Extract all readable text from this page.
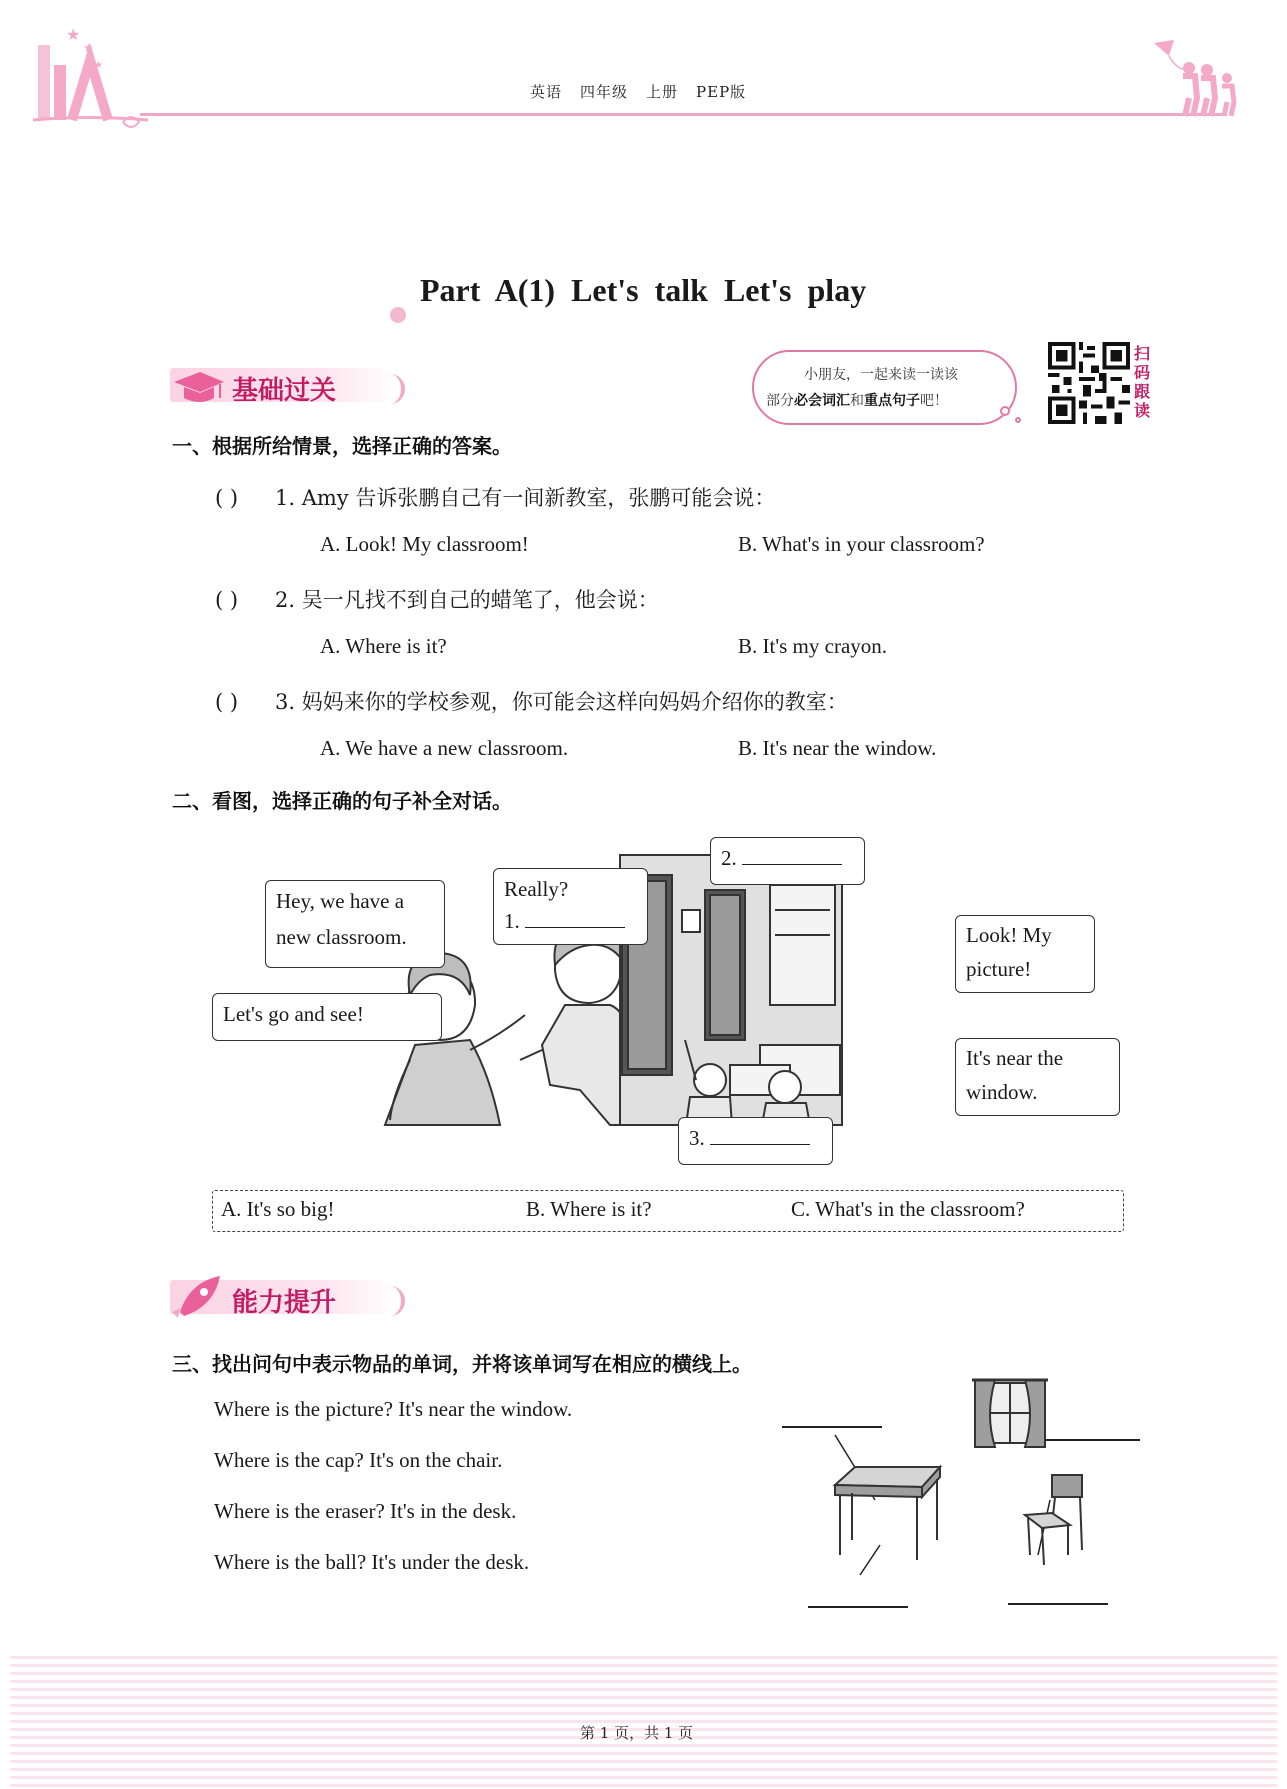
★
★
★
英语 四年级 上册 PEP版
Part A(1) Let's talk Let's play
基础过关
小朋友，一起来读一读该
部分必会词汇和重点句子吧！
扫码跟读
一、根据所给情景，选择正确的答案。
( ) 1. Amy 告诉张鹏自己有一间新教室，张鹏可能会说：
A. Look! My classroom!	B. What's in your classroom?
( ) 2. 吴一凡找不到自己的蜡笔了，他会说：
A. Where is it?	B. It's my crayon.
( ) 3. 妈妈来你的学校参观，你可能会这样向妈妈介绍你的教室：
A. We have a new classroom.	B. It's near the window.
二、看图，选择正确的句子补全对话。
Hey, we have a new classroom.
Really?
1.
Let's go and see!
2.
Look! My picture!
It's near the window.
3.
A. It's so big!	B. Where is it?	C. What's in the classroom?
能力提升
三、找出问句中表示物品的单词，并将该单词写在相应的横线上。
Where is the picture? It's near the window.
Where is the cap? It's on the chair.
Where is the eraser? It's in the desk.
Where is the ball? It's under the desk.
第 1 页，共 1 页
